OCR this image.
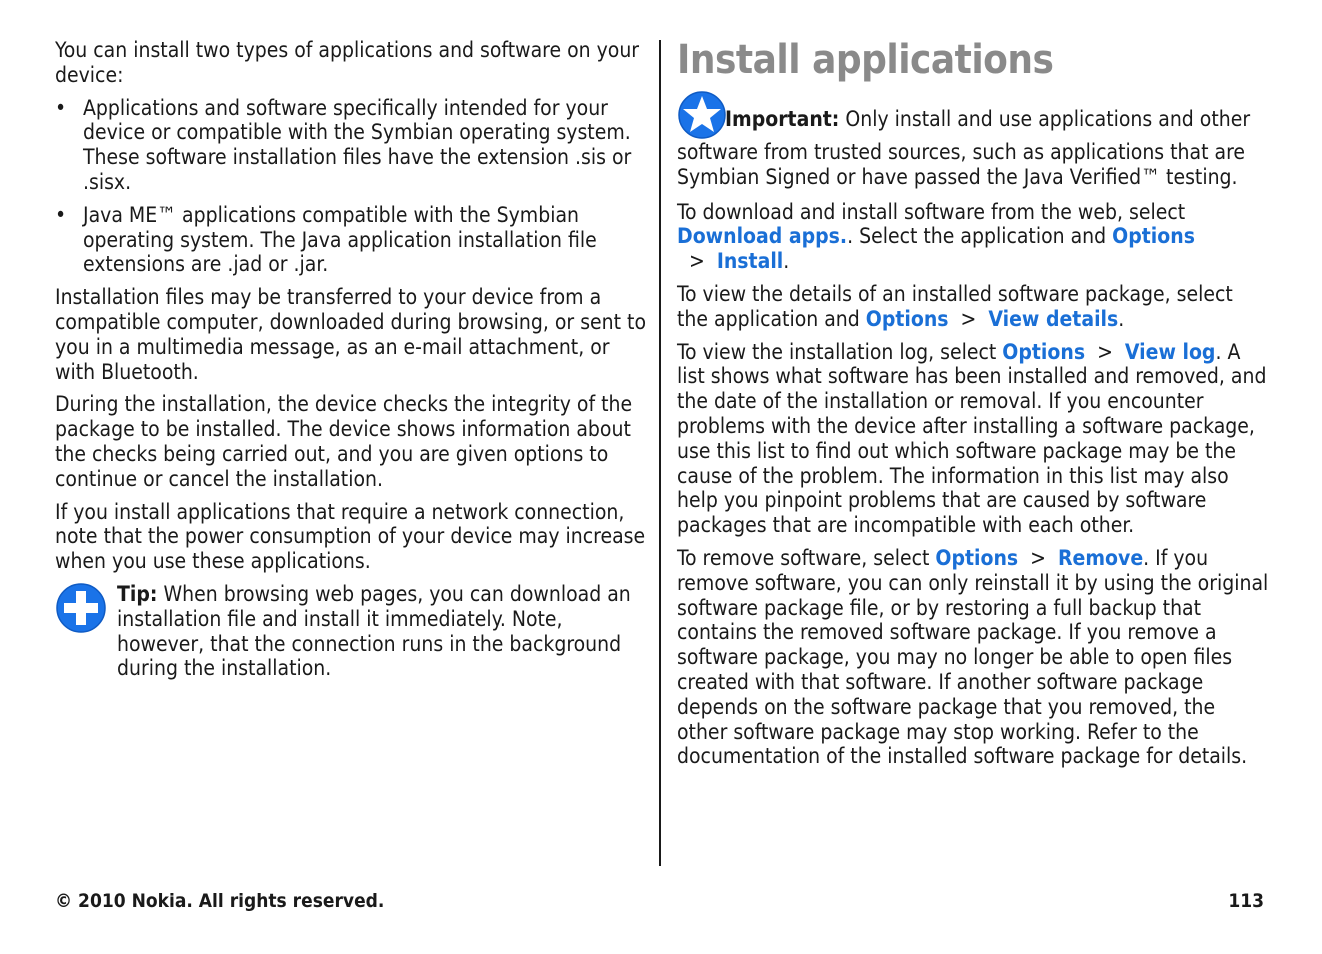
You can install two types of applications and software on your device:

• Applications and software specifically intended for your device or compatible with the Symbian operating system. These software installation files have the extension .sis or .sisx.
• Java ME™ applications compatible with the Symbian operating system. The Java application installation file extensions are .jad or .jar.

Installation files may be transferred to your device from a compatible computer, downloaded during browsing, or sent to you in a multimedia message, as an e-mail attachment, or with Bluetooth.

During the installation, the device checks the integrity of the package to be installed. The device shows information about the checks being carried out, and you are given options to continue or cancel the installation.

If you install applications that require a network connection, note that the power consumption of your device may increase when you use these applications.

Tip: When browsing web pages, you can download an installation file and install it immediately. Note, however, that the connection runs in the background during the installation.
Install applications

Important: Only install and use applications and other software from trusted sources, such as applications that are Symbian Signed or have passed the Java Verified™ testing.

To download and install software from the web, select Download apps.. Select the application and Options  >  Install.

To view the details of an installed software package, select the application and Options  >  View details.

To view the installation log, select Options  >  View log. A list shows what software has been installed and removed, and the date of the installation or removal. If you encounter problems with the device after installing a software package, use this list to find out which software package may be the cause of the problem. The information in this list may also help you pinpoint problems that are caused by software packages that are incompatible with each other.

To remove software, select Options  >  Remove. If you remove software, you can only reinstall it by using the original software package file, or by restoring a full backup that contains the removed software package. If you remove a software package, you may no longer be able to open files created with that software. If another software package depends on the software package that you removed, the other software package may stop working. Refer to the documentation of the installed software package for details.

© 2010 Nokia. All rights reserved.	113
